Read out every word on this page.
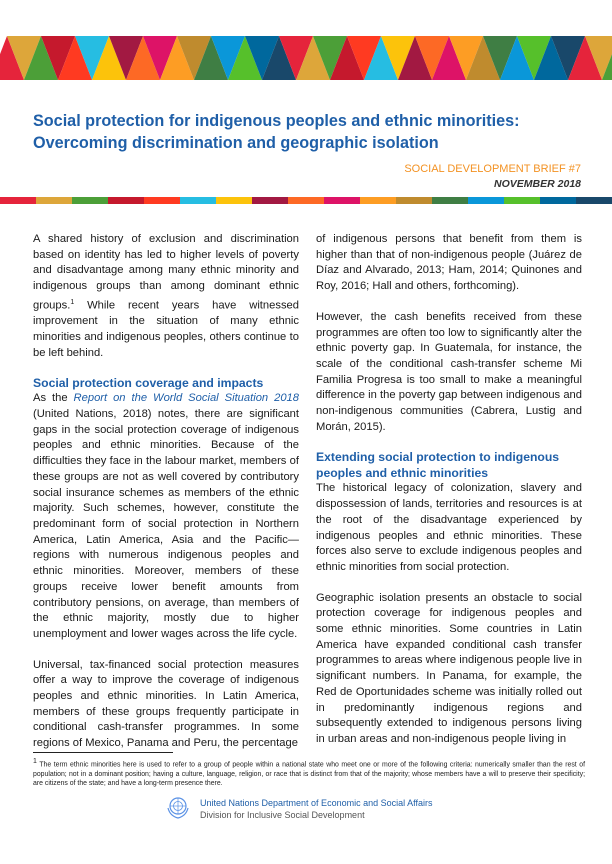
Social protection for indigenous peoples and ethnic minorities: Overcoming discrimination and geographic isolation
SOCIAL DEVELOPMENT BRIEF #7
NOVEMBER 2018

A shared history of exclusion and discrimination based on identity has led to higher levels of poverty and disadvantage among many ethnic minority and indigenous groups than among dominant ethnic groups.$^1$ While recent years have witnessed improvement in the situation of many ethnic minorities and indigenous peoples, others continue to be left behind.

Social protection coverage and impacts

As the Report on the World Social Situation 2018 (United Nations, 2018) notes, there are significant gaps in the social protection coverage of indigenous peoples and ethnic minorities. Because of the difficulties they face in the labour market, members of these groups are not as well covered by contributory social insurance schemes as members of the ethnic majority. Such schemes, however, constitute the predominant form of social protection in Northern America, Latin America, Asia and the Pacific—regions with numerous indigenous peoples and ethnic minorities. Moreover, members of these groups receive lower benefit amounts from contributory pensions, on average, than members of the ethnic majority, mostly due to higher unemployment and lower wages across the life cycle.

Universal, tax-financed social protection measures offer a way to improve the coverage of indigenous peoples and ethnic minorities. In Latin America, members of these groups frequently participate in conditional cash-transfer programmes. In some regions of Mexico, Panama and Peru, the percentage

of indigenous persons that benefit from them is higher than that of non-indigenous people (Juárez de Díaz and Alvarado, 2013; Ham, 2014; Quinones and Roy, 2016; Hall and others, forthcoming).

However, the cash benefits received from these programmes are often too low to significantly alter the ethnic poverty gap. In Guatemala, for instance, the scale of the conditional cash-transfer scheme Mi Familia Progresa is too small to make a meaningful difference in the poverty gap between indigenous and non-indigenous communities (Cabrera, Lustig and Morán, 2015).

Extending social protection to indigenous peoples and ethnic minorities

The historical legacy of colonization, slavery and dispossession of lands, territories and resources is at the root of the disadvantage experienced by indigenous peoples and ethnic minorities. These forces also serve to exclude indigenous peoples and ethnic minorities from social protection.

Geographic isolation presents an obstacle to social protection coverage for indigenous peoples and some ethnic minorities. Some countries in Latin America have expanded conditional cash transfer programmes to areas where indigenous people live in significant numbers. In Panama, for example, the Red de Oportunidades scheme was initially rolled out in predominantly indigenous regions and subsequently extended to indigenous persons living in urban areas and non-indigenous people living in

$^1$ The term ethnic minorities here is used to refer to a group of people within a national state who meet one or more of the following criteria: numerically smaller than the rest of population; not in a dominant position; having a culture, language, religion, or race that is distinct from that of the majority; whose members have a will to preserve their specificity; are citizens of the state; and have a long-term presence there.
United Nations Department of Economic and Social Affairs
Division for Inclusive Social Development
